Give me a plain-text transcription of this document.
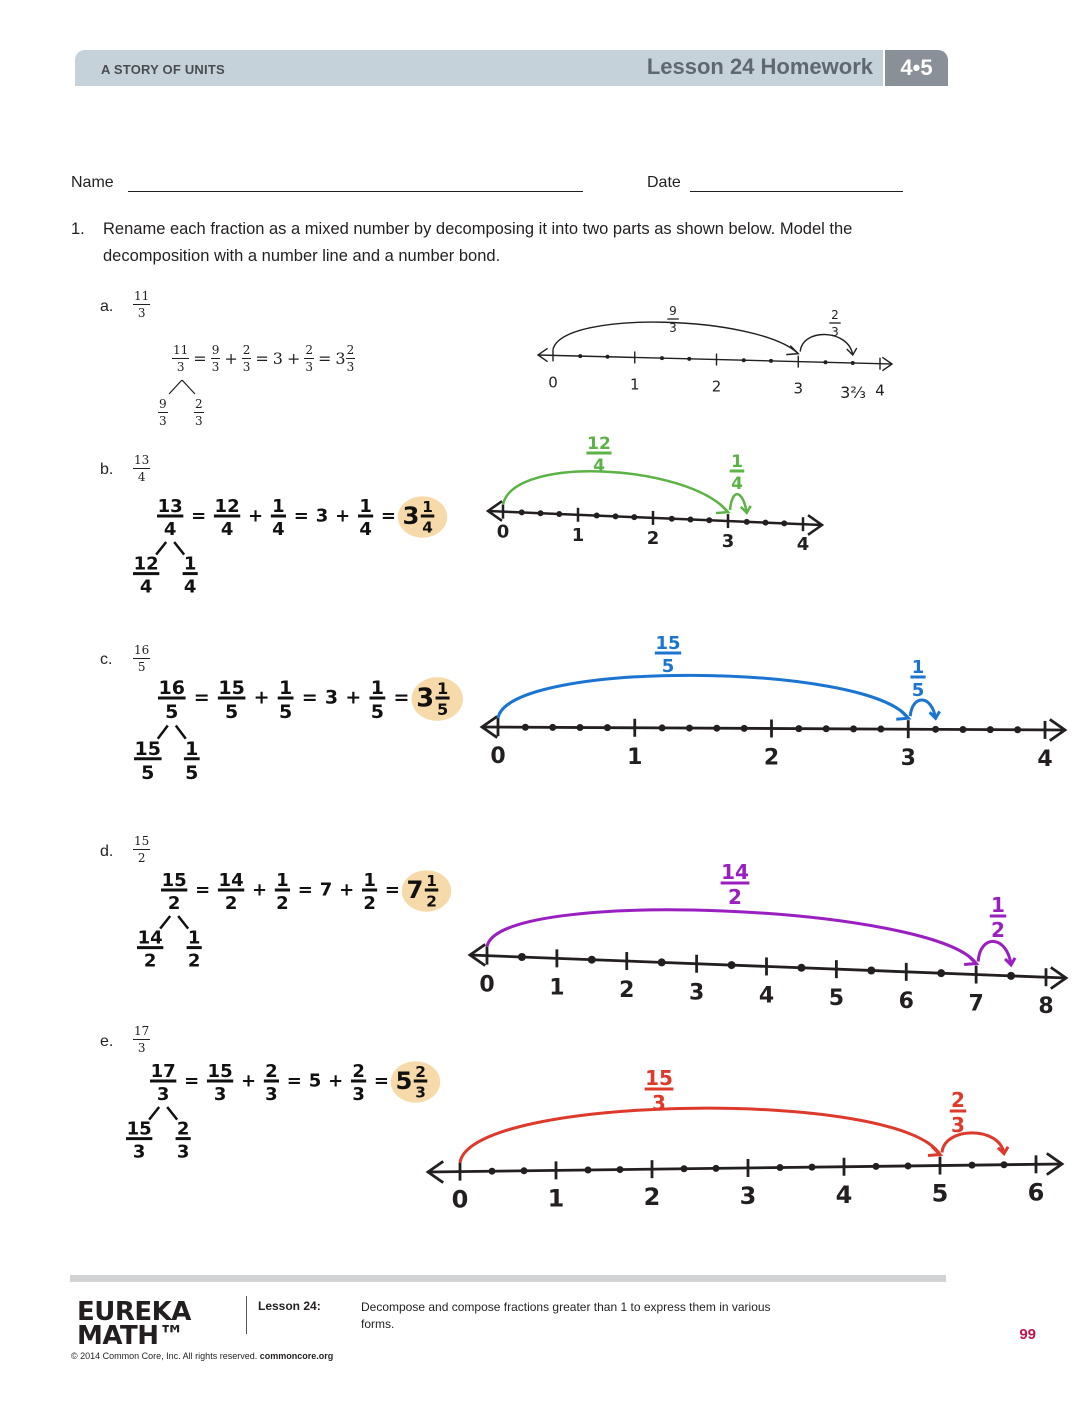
A STORY OF UNITS	Lesson 24 Homework	4•5
Name	Date
1. Rename each fraction as a mixed number by decomposing it into two parts as shown below. Model the decomposition with a number line and a number bond.
a. $\frac{11}{3}$
b. $\frac{13}{4}$
c. $\frac{16}{5}$
d. $\frac{15}{2}$
e. $\frac{17}{3}$
$\frac{11}{3} = \frac{9}{3} + \frac{2}{3} = 3 + \frac{2}{3} = 3 \frac{2}{3}$
$\frac{9}{3} \frac{2}{3}$
0	1	2	3	4
9
3
2
3
3⅔
13
4
= 12
4
+ 1
4
= 3 + 1
4
= 3 1
4
12
4
1
4
0	1	2	3	4
12
4	1
4
16
5
= 15
5
+ 1
5
= 3 + 1
5
= 3 1
5
15
5
1
5
0	1	2	3	4
15
5	1
5
15
2
= 14
2
+ 1
2
= 7 + 1
2
= 7 1
2
14
2
1
2
0 1 2 3 4 5 6 7 8
14
2	1
2
17
3
= 15
3
+ 2
3
= 5 + 2
3
= 5 2
3
15
3
2
3
0	1	2	3	4	5	6
15
3	2
3
EUREKA
MATH™
Lesson 24:	Decompose and compose fractions greater than 1 to express them in various forms.
99
© 2014 Common Core, Inc. All rights reserved. commoncore.org
